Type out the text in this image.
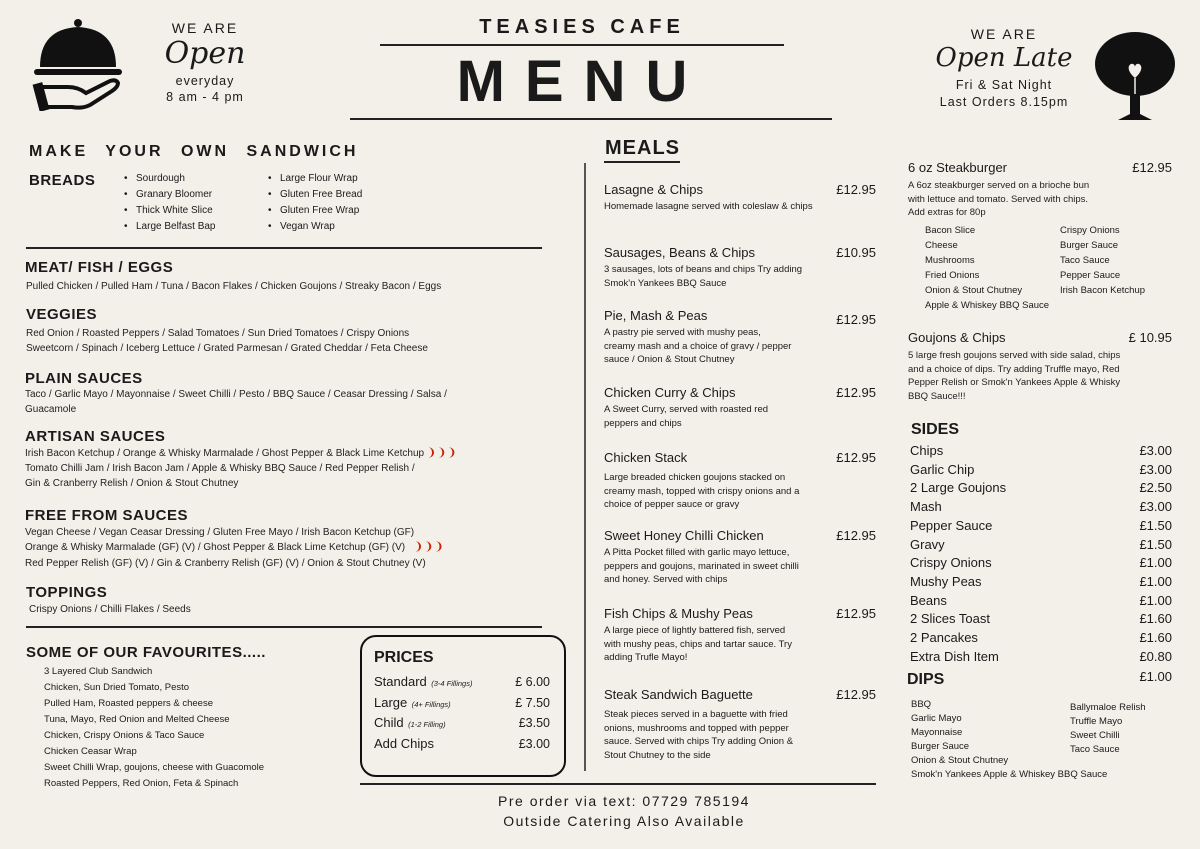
WE ARE
Open
everyday
8 am - 4 pm
TEASIES CAFE
MENU
WE ARE
Open Late
Fri & Sat Night
Last Orders 8.15pm
MAKE YOUR OWN SANDWICH
BREADS
•	Sourdough
• Granary Bloomer
• Thick White Slice
• Large Belfast Bap
• Large Flour Wrap
• Gluten Free Bread
• Gluten Free Wrap
• Vegan Wrap
MEAT/ FISH / EGGS
Pulled Chicken / Pulled Ham / Tuna / Bacon Flakes / Chicken Goujons / Streaky Bacon / Eggs
VEGGIES
Red Onion / Roasted Peppers / Salad Tomatoes / Sun Dried Tomatoes / Crispy Onions
Sweetcorn / Spinach / Iceberg Lettuce / Grated Parmesan / Grated Cheddar / Feta Cheese
PLAIN SAUCES
Taco / Garlic Mayo / Mayonnaise / Sweet Chilli / Pesto / BBQ Sauce / Ceasar Dressing / Salsa /
Guacamole
ARTISAN SAUCES
Irish Bacon Ketchup / Orange & Whisky Marmalade / Ghost Pepper & Black Lime Ketchup ❩❩❩
Tomato Chilli Jam / Irish Bacon Jam / Apple & Whisky BBQ Sauce / Red Pepper Relish /
Gin & Cranberry Relish / Onion & Stout Chutney
FREE FROM SAUCES
Vegan Cheese / Vegan Ceasar Dressing / Gluten Free Mayo / Irish Bacon Ketchup (GF)
Orange & Whisky Marmalade (GF) (V) / Ghost Pepper & Black Lime Ketchup (GF) (V) ❩❩❩
Red Pepper Relish (GF) (V) / Gin & Cranberry Relish (GF) (V) / Onion & Stout Chutney (V)
TOPPINGS
Crispy Onions / Chilli Flakes / Seeds
SOME OF OUR FAVOURITES.....
3 Layered Club Sandwich
Chicken, Sun Dried Tomato, Pesto
Pulled Ham, Roasted peppers & cheese
Tuna, Mayo, Red Onion and Melted Cheese
Chicken, Crispy Onions & Taco Sauce
Chicken Ceasar Wrap
Sweet Chilli Wrap, goujons, cheese with Guacomole
Roasted Peppers, Red Onion, Feta & Spinach
PRICES
Standard (3-4 Fillings)	£ 6.00
Large (4+ Fillings)	£ 7.50
Child (1-2 Filling)	£3.50
Add Chips	£3.00
MEALS
Lasagne & Chips	£12.95
Homemade lasagne served with coleslaw & chips
Sausages, Beans & Chips	£10.95
3 sausages, lots of beans and chips Try adding Smok'n Yankees BBQ Sauce
Pie, Mash & Peas	£12.95
A pastry pie served with mushy peas, creamy mash and a choice of gravy / pepper sauce / Onion & Stout Chutney
Chicken Curry & Chips	£12.95
A Sweet Curry, served with roasted red peppers and chips
Chicken Stack	£12.95
Large breaded chicken goujons stacked on creamy mash, topped with crispy onions and a choice of pepper sauce or gravy
Sweet Honey Chilli Chicken	£12.95
A Pitta Pocket filled with garlic mayo lettuce, peppers and goujons, marinated in sweet chilli and honey. Served with chips
Fish Chips & Mushy Peas	£12.95
A large piece of lightly battered fish, served with mushy peas, chips and tartar sauce. Try adding Trufle Mayo!
Steak Sandwich Baguette	£12.95
Steak pieces served in a baguette with fried onions, mushrooms and topped with pepper sauce. Served with chips Try adding Onion & Stout Chutney to the side
6 oz Steakburger	£12.95
A 6oz steakburger served on a brioche bun with lettuce and tomato. Served with chips. Add extras for 80p
Bacon Slice
Cheese
Mushrooms
Fried Onions
Onion & Stout Chutney
Apple & Whiskey BBQ Sauce
Crispy Onions
Burger Sauce
Taco Sauce
Pepper Sauce
Irish Bacon Ketchup
Goujons & Chips	£ 10.95
5 large fresh goujons served with side salad, chips and a choice of dips. Try adding Truffle mayo, Red Pepper Relish or Smok'n Yankees Apple & Whisky BBQ Sauce!!!
SIDES
Chips	£3.00
Garlic Chip	£3.00
2 Large Goujons	£2.50
Mash	£3.00
Pepper Sauce	£1.50
Gravy	£1.50
Crispy Onions	£1.00
Mushy Peas	£1.00
Beans	£1.00
2 Slices Toast	£1.60
2 Pancakes	£1.60
Extra Dish Item	£0.80
DIPS	£1.00
BBQ
Garlic Mayo
Mayonnaise
Burger Sauce
Onion & Stout Chutney
Smok'n Yankees Apple & Whiskey BBQ Sauce
Ballymaloe Relish
Truffle Mayo
Sweet Chilli
Taco Sauce
Pre order via text: 07729 785194
Outside Catering Also Available
